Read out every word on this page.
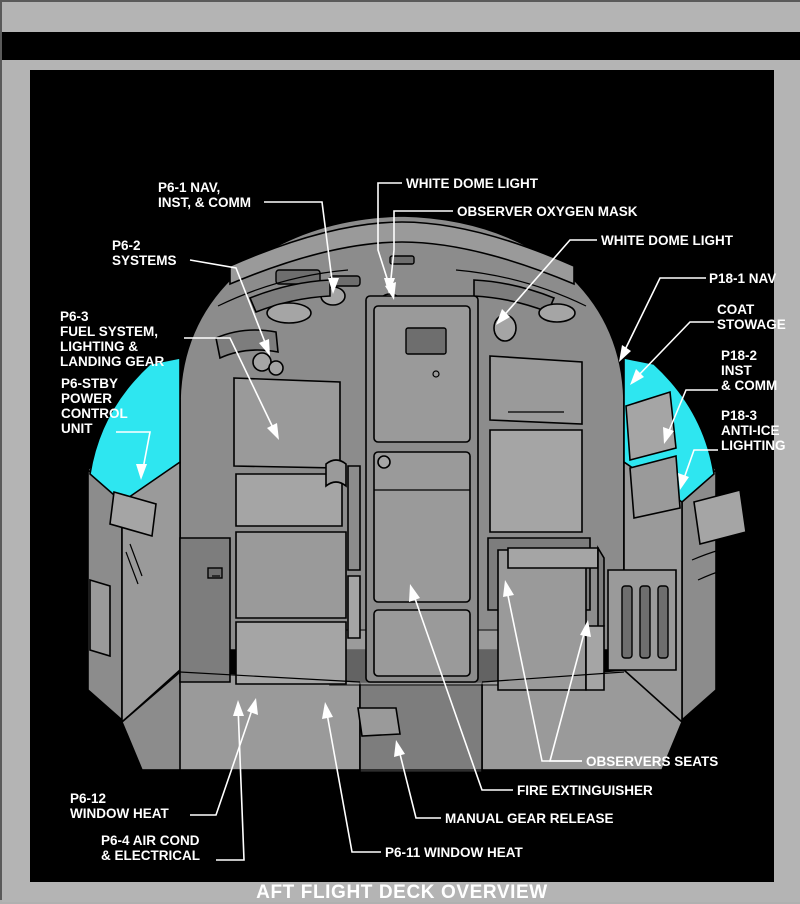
AFT FLIGHT DECK OVERVIEW
P6-1 NAV,
INST, & COMM
WHITE DOME LIGHT
OBSERVER OXYGEN MASK
WHITE DOME LIGHT
P6-2
SYSTEMS
P18-1 NAV
P6-3
FUEL SYSTEM,
LIGHTING &
LANDING GEAR
COAT
STOWAGE
P18-2
INST
& COMM
P6-STBY
POWER
CONTROL
UNIT
P18-3
ANTI-ICE
LIGHTING
OBSERVERS SEATS
FIRE EXTINGUISHER
MANUAL GEAR RELEASE
P6-12
WINDOW HEAT
P6-11 WINDOW HEAT
P6-4 AIR COND
& ELECTRICAL
